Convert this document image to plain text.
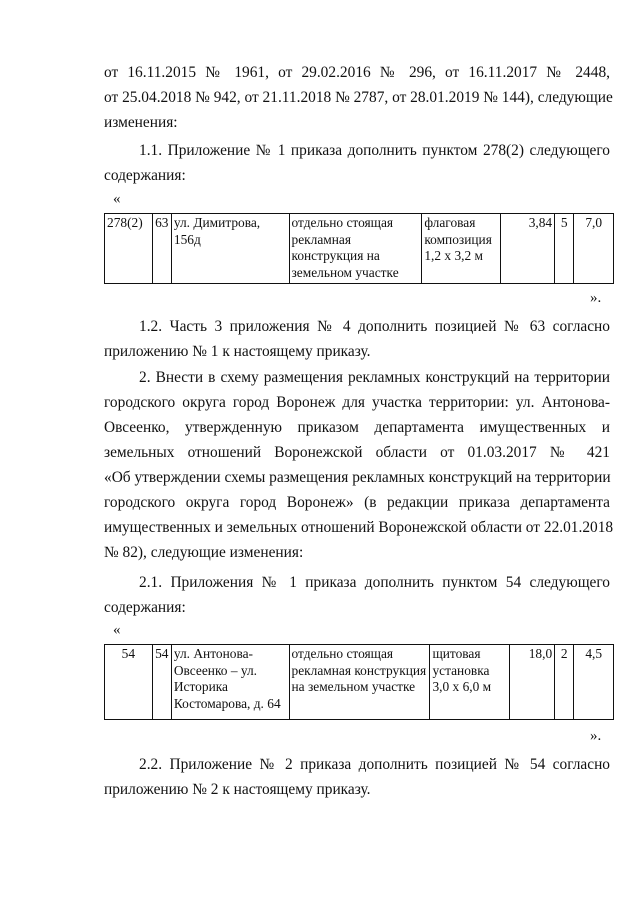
от 16.11.2015 № 1961, от 29.02.2016 № 296, от 16.11.2017 № 2448,
от 25.04.2018 № 942, от 21.11.2018 № 2787, от 28.01.2019 № 144), следующие
изменения:
1.1. Приложение № 1 приказа дополнить пунктом 278(2) следующего
содержания:
«
278(2)	63	ул. Димитрова, 156д	отдельно стоящая рекламная конструкция на земельном участке	флаговая композиция 1,2 х 3,2 м	3,84	5	7,0
».
1.2. Часть 3 приложения № 4 дополнить позицией № 63 согласно
приложению № 1 к настоящему приказу.
2. Внести в схему размещения рекламных конструкций на территории
городского округа город Воронеж для участка территории: ул. Антонова-
Овсеенко, утвержденную приказом департамента имущественных и
земельных отношений Воронежской области от 01.03.2017 № 421
«Об утверждении схемы размещения рекламных конструкций на территории
городского округа город Воронеж» (в редакции приказа департамента
имущественных и земельных отношений Воронежской области от 22.01.2018
№ 82), следующие изменения:
2.1. Приложения № 1 приказа дополнить пунктом 54 следующего
содержания:
«
54	54	ул. Антонова-Овсеенко – ул. Историка Костомарова, д. 64	отдельно стоящая рекламная конструкция на земельном участке	щитовая установка 3,0 х 6,0 м	18,0	2	4,5
».
2.2. Приложение № 2 приказа дополнить позицией № 54 согласно
приложению № 2 к настоящему приказу.
